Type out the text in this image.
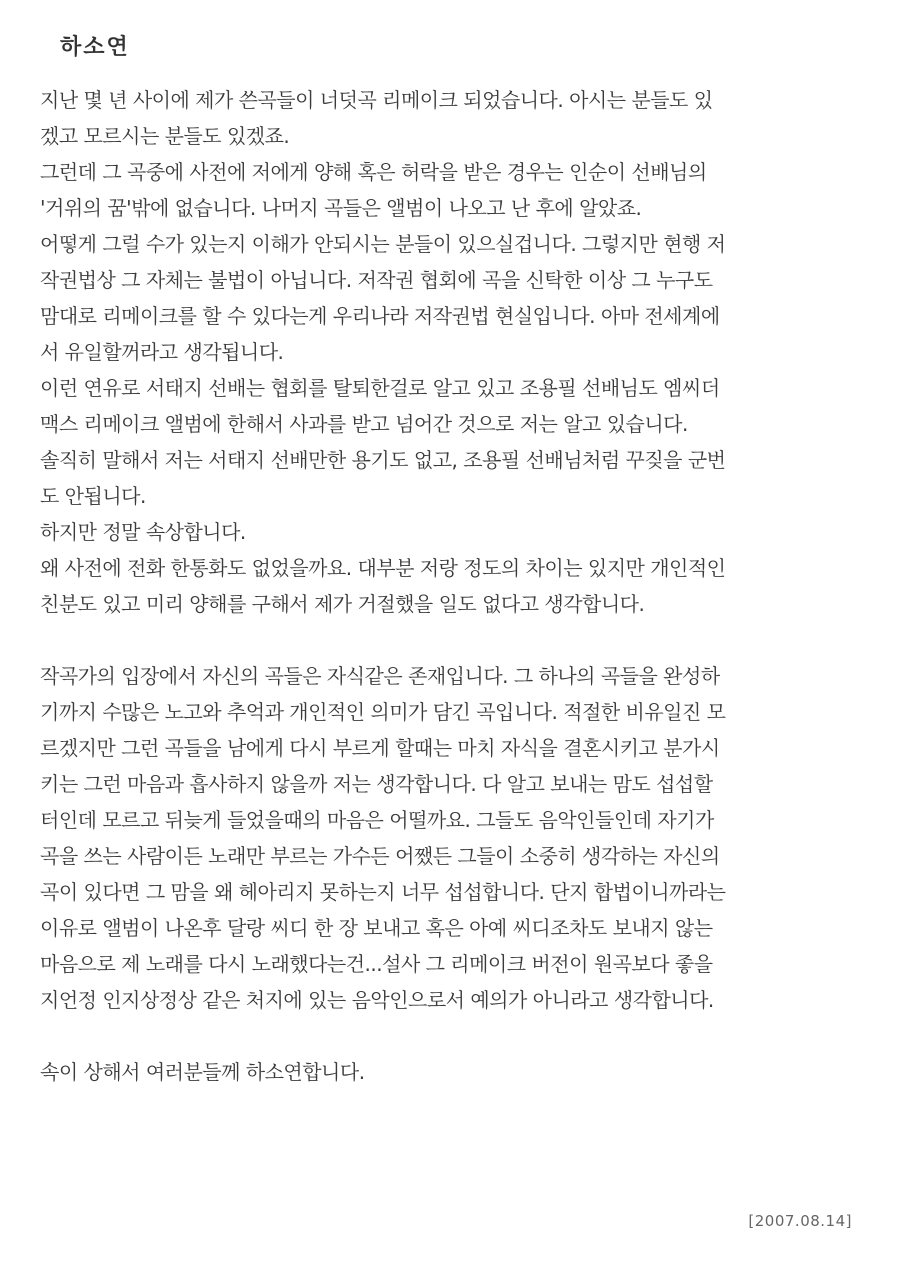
하소연
지난 몇 년 사이에 제가 쓴곡들이 너덧곡 리메이크 되었습니다. 아시는 분들도 있
겠고 모르시는 분들도 있겠죠.
그런데 그 곡중에 사전에 저에게 양해 혹은 허락을 받은 경우는 인순이 선배님의
'거위의 꿈'밖에 없습니다. 나머지 곡들은 앨범이 나오고 난 후에 알았죠.
어떻게 그럴 수가 있는지 이해가 안되시는 분들이 있으실겁니다. 그렇지만 현행 저
작권법상 그 자체는 불법이 아닙니다. 저작권 협회에 곡을 신탁한 이상 그 누구도
맘대로 리메이크를 할 수 있다는게 우리나라 저작권법 현실입니다. 아마 전세계에
서 유일할꺼라고 생각됩니다.
이런 연유로 서태지 선배는 협회를 탈퇴한걸로 알고 있고 조용필 선배님도 엠씨더
맥스 리메이크 앨범에 한해서 사과를 받고 넘어간 것으로 저는 알고 있습니다.
솔직히 말해서 저는 서태지 선배만한 용기도 없고, 조용필 선배님처럼 꾸짖을 군번
도 안됩니다.
하지만 정말 속상합니다.
왜 사전에 전화 한통화도 없었을까요. 대부분 저랑 정도의 차이는 있지만 개인적인
친분도 있고 미리 양해를 구해서 제가 거절했을 일도 없다고 생각합니다.
작곡가의 입장에서 자신의 곡들은 자식같은 존재입니다. 그 하나의 곡들을 완성하
기까지 수많은 노고와 추억과 개인적인 의미가 담긴 곡입니다. 적절한 비유일진 모
르겠지만 그런 곡들을 남에게 다시 부르게 할때는 마치 자식을 결혼시키고 분가시
키는 그런 마음과 흡사하지 않을까 저는 생각합니다. 다 알고 보내는 맘도 섭섭할
터인데 모르고 뒤늦게 들었을때의 마음은 어떨까요. 그들도 음악인들인데 자기가
곡을 쓰는 사람이든 노래만 부르는 가수든 어쨌든 그들이 소중히 생각하는 자신의
곡이 있다면 그 맘을 왜 헤아리지 못하는지 너무 섭섭합니다. 단지 합법이니까라는
이유로 앨범이 나온후 달랑 씨디 한 장 보내고 혹은 아예 씨디조차도 보내지 않는
마음으로 제 노래를 다시 노래했다는건...설사 그 리메이크 버전이 원곡보다 좋을
지언정 인지상정상 같은 처지에 있는 음악인으로서 예의가 아니라고 생각합니다.
속이 상해서 여러분들께 하소연합니다.
[2007.08.14]
